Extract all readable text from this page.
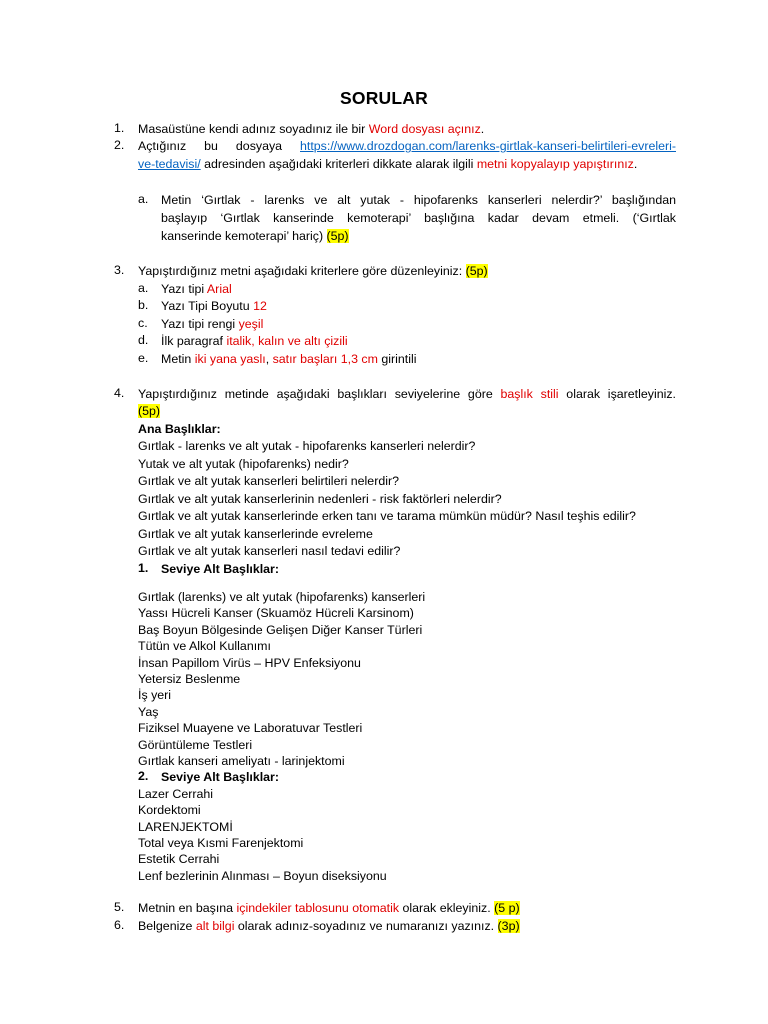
SORULAR
1. Masaüstüne kendi adınız soyadınız ile bir Word dosyası açınız.
2. Açtığınız bu dosyaya https://www.drozdogan.com/larenks-girtlak-kanseri-belirtileri-evreleri-
ve-tedavisi/ adresinden aşağıdaki kriterleri dikkate alarak ilgili metni kopyalayıp yapıştırınız.
a. Metin ‘Gırtlak - larenks ve alt yutak - hipofarenks kanserleri nelerdir?’ başlığından
başlayıp ‘Gırtlak kanserinde kemoterapi’ başlığına kadar devam etmeli. (‘Gırtlak
kanserinde kemoterapi’ hariç) (5p)
3. Yapıştırdığınız metni aşağıdaki kriterlere göre düzenleyiniz: (5p)
a. Yazı tipi Arial
b. Yazı Tipi Boyutu 12
c. Yazı tipi rengi yeşil
d. İlk paragraf italik, kalın ve altı çizili
e. Metin iki yana yaslı, satır başları 1,3 cm girintili
4. Yapıştırdığınız metinde aşağıdaki başlıkları seviyelerine göre başlık stili olarak işaretleyiniz.
(5p)
Ana Başlıklar:
Gırtlak - larenks ve alt yutak - hipofarenks kanserleri nelerdir?
Yutak ve alt yutak (hipofarenks) nedir?
Gırtlak ve alt yutak kanserleri belirtileri nelerdir?
Gırtlak ve alt yutak kanserlerinin nedenleri - risk faktörleri nelerdir?
Gırtlak ve alt yutak kanserlerinde erken tanı ve tarama mümkün müdür? Nasıl teşhis edilir?
Gırtlak ve alt yutak kanserlerinde evreleme
Gırtlak ve alt yutak kanserleri nasıl tedavi edilir?
1. Seviye Alt Başlıklar:
Gırtlak (larenks) ve alt yutak (hipofarenks) kanserleri
Yassı Hücreli Kanser (Skuamöz Hücreli Karsinom)
Baş Boyun Bölgesinde Gelişen Diğer Kanser Türleri
Tütün ve Alkol Kullanımı
İnsan Papillom Virüs – HPV Enfeksiyonu
Yetersiz Beslenme
İş yeri
Yaş
Fiziksel Muayene ve Laboratuvar Testleri
Görüntüleme Testleri
Gırtlak kanseri ameliyatı - larinjektomi
2. Seviye Alt Başlıklar:
Lazer Cerrahi
Kordektomi
LARENJEKTOMİ
Total veya Kısmi Farenjektomi
Estetik Cerrahi
Lenf bezlerinin Alınması – Boyun diseksiyonu
5. Metnin en başına içindekiler tablosunu otomatik olarak ekleyiniz. (5 p)
6. Belgenize alt bilgi olarak adınız-soyadınız ve numaranızı yazınız. (3p)
